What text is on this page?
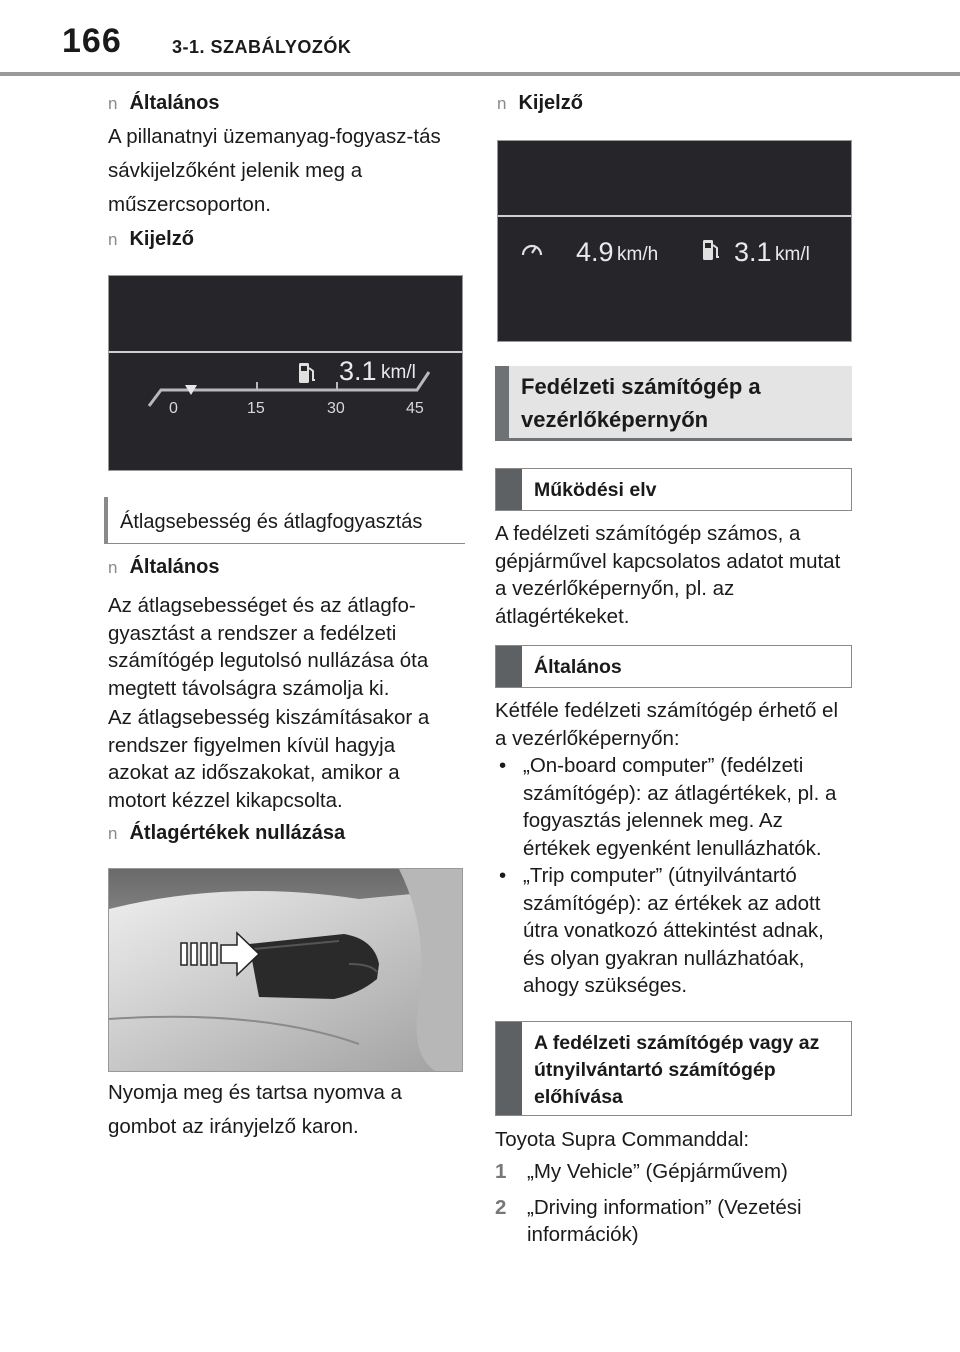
166	3-1. SZABÁLYOZÓK
n Általános
A pillanatnyi üzemanyag-fogyasz-tás sávkijelzőként jelenik meg a műszercsoporton.
n Kijelző
3.1 km/l
0	15	30	45
Átlagsebesség és átlagfogyasztás
n Általános
Az átlagsebességet és az átlagfo-gyasztást a rendszer a fedélzeti számítógép legutolsó nullázása óta megtett távolságra számolja ki.
Az átlagsebesség kiszámításakor a rendszer figyelmen kívül hagyja azokat az időszakokat, amikor a motort kézzel kikapcsolta.
n Átlagértékek nullázása
Nyomja meg és tartsa nyomva a gombot az irányjelző karon.
n Kijelző
4.9 km/h	3.1 km/l
Fedélzeti számítógép a vezérlőképernyőn
Működési elv
A fedélzeti számítógép számos, a gépjárművel kapcsolatos adatot mutat a vezérlőképernyőn, pl. az átlagértékeket.
Általános
Kétféle fedélzeti számítógép érhető el a vezérlőképernyőn:
• „On-board computer” (fedélzeti számítógép): az átlagértékek, pl. a fogyasztás jelennek meg. Az értékek egyenként lenullázhatók.
• „Trip computer” (útnyilvántartó számítógép): az értékek az adott útra vonatkozó áttekintést adnak, és olyan gyakran nullázhatóak, ahogy szükséges.
A fedélzeti számítógép vagy az útnyilvántartó számítógép előhívása
Toyota Supra Commanddal:
1 „My Vehicle” (Gépjárművem)
2 „Driving information” (Vezetési információk)
